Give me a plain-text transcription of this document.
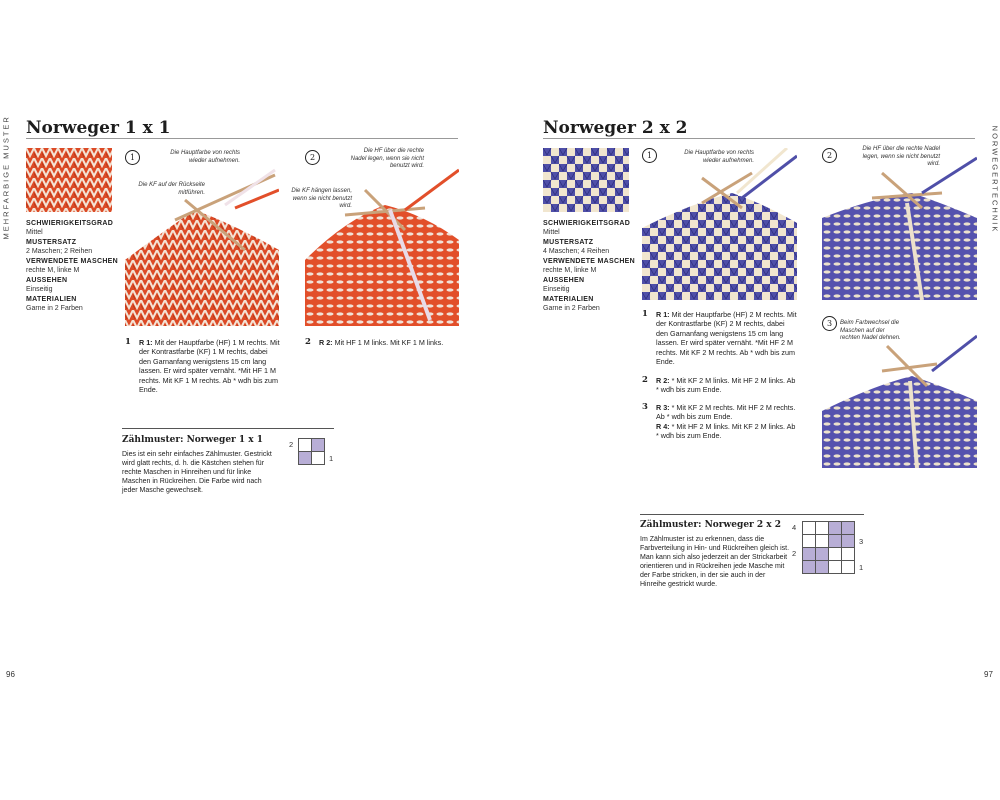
MEHRFARBIGE MUSTER	NORWEGERTECHNIK
96	97
Norweger 1 x 1
SCHWIERIGKEITSGRAD
Mittel
MUSTERSATZ
2 Maschen; 2 Reihen
VERWENDETE MASCHEN
rechte M, linke M
AUSSEHEN
Einseitig
MATERIALIEN
Garne in 2 Farben
1	Die Hauptfarbe von rechts wieder aufnehmen.
Die KF auf der Rückseite mitführen.
2
Die HF über die rechte Nadel legen, wenn sie nicht benutzt wird.
Die KF hängen lassen, wenn sie nicht benutzt wird.
1 R 1: Mit der Hauptfarbe (HF) 1 M rechts. Mit der Kontrastfarbe (KF) 1 M rechts, dabei den Garnanfang wenigstens 15 cm lang lassen. Er wird später vernäht. *Mit HF 1 M rechts. Mit KF 1 M rechts. Ab * wdh bis zum Ende.
2 R 2: Mit HF 1 M links. Mit KF 1 M links.
Zählmuster: Norweger 1 x 1
Dies ist ein sehr einfaches Zählmuster. Gestrickt wird glatt rechts, d. h. die Kästchen stehen für rechte Maschen in Hinreihen und für linke Maschen in Rückreihen. Die Farbe wird nach jeder Masche gewechselt.

2
1
Norweger 2 x 2
SCHWIERIGKEITSGRAD
Mittel
MUSTERSATZ
4 Maschen; 4 Reihen
VERWENDETE MASCHEN
rechte M, linke M
AUSSEHEN
Einseitig
MATERIALIEN
Garne in 2 Farben
1	Die Hauptfarbe von rechts wieder aufnehmen.
2
Die HF über die rechte Nadel legen, wenn sie nicht benutzt wird.
3	Beim Farbwechsel die Maschen auf der rechten Nadel dehnen.
1 R 1: Mit der Hauptfarbe (HF) 2 M rechts. Mit der Kontrastfarbe (KF) 2 M rechts, dabei den Garnanfang wenigstens 15 cm lang lassen. Er wird später vernäht. *Mit HF 2 M rechts. Mit KF 2 M rechts. Ab * wdh bis zum Ende.
2 R 2: * Mit KF 2 M links. Mit HF 2 M links. Ab * wdh bis zum Ende.
3 R 3: * Mit KF 2 M rechts. Mit HF 2 M rechts. Ab * wdh bis zum Ende.
R 4: * Mit HF 2 M links. Mit KF 2 M links. Ab * wdh bis zum Ende.
Zählmuster: Norweger 2 x 2
Im Zählmuster ist zu erkennen, dass die Farbverteilung in Hin- und Rückreihen gleich ist. Man kann sich also jederzeit an der Strickarbeit orientieren und in Rückreihen jede Masche mit der Farbe stricken, in der sie auch in der Hinreihe gestrickt wurde.

4
3
2
1
